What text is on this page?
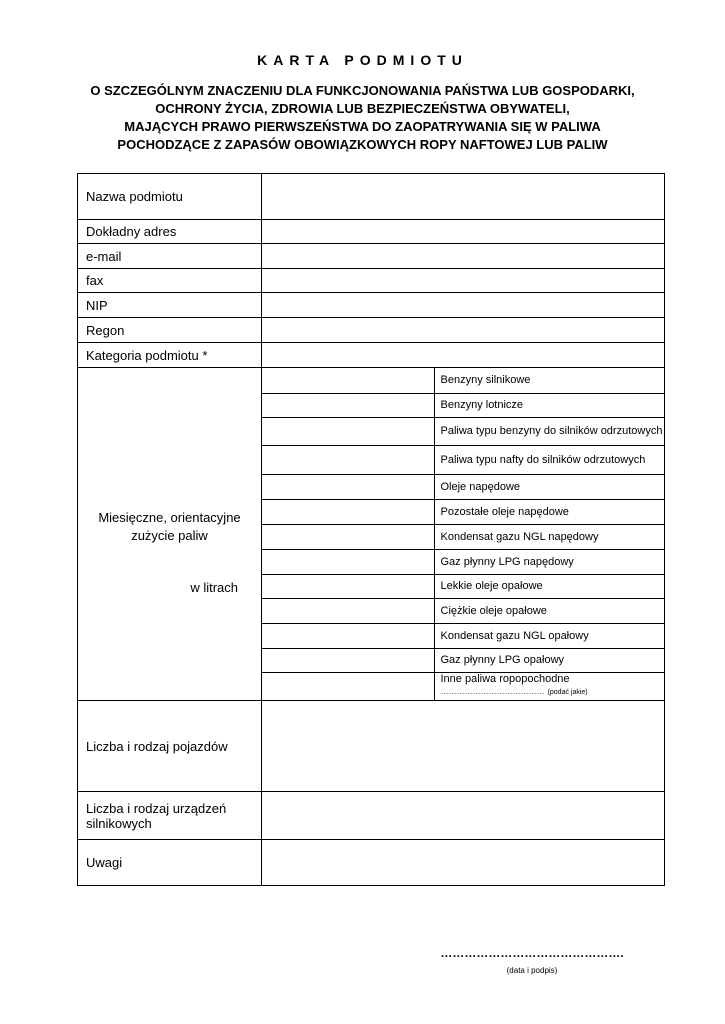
KARTA PODMIOTU
O SZCZEGÓLNYM ZNACZENIU DLA FUNKCJONOWANIA PAŃSTWA LUB GOSPODARKI,
OCHRONY ŻYCIA, ZDROWIA LUB BEZPIECZEŃSTWA OBYWATELI,
MAJĄCYCH PRAWO PIERWSZEŃSTWA DO ZAOPATRYWANIA SIĘ W PALIWA
POCHODZĄCE Z ZAPASÓW OBOWIĄZKOWYCH ROPY NAFTOWEJ LUB PALIW
Nazwa podmiotu	
Dokładny adres	
e-mail	
fax	
NIP	
Regon	
Kategoria podmiotu *	

Miesięczne, orientacyjne
zużycie paliw
w litrach

	Benzyny silnikowe
	Benzyny lotnicze
	Paliwa typu benzyny do silników odrzutowych
	Paliwa typu nafty do silników odrzutowych
	Oleje napędowe
	Pozostałe oleje napędowe
	Kondensat gazu NGL napędowy
	Gaz płynny LPG napędowy
	Lekkie oleje opałowe
	Ciężkie oleje opałowe
	Kondensat gazu NGL opałowy
	Gaz płynny LPG opałowy

Inne paliwa ropopochodne
………………………………… (podać jakie)

Liczba i rodzaj pojazdów	

Liczba i rodzaj urządzeń
silnikowych

Uwagi	
……………………………………….
(data i podpis)
